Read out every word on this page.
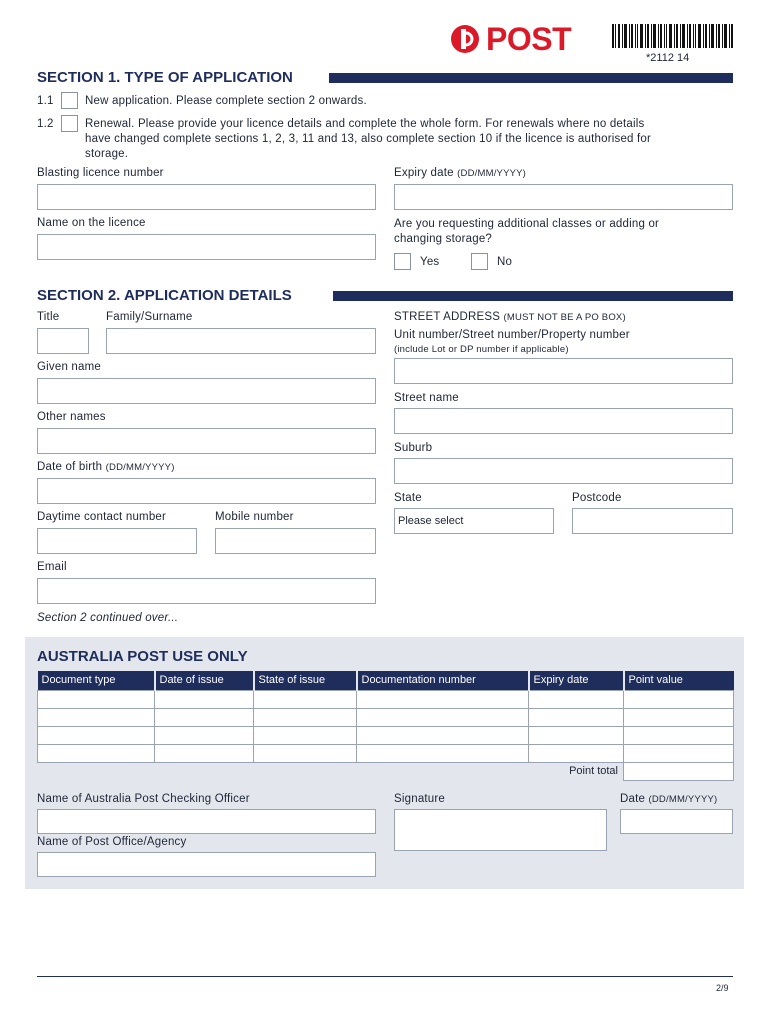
POST
*2112 14
SECTION 1. TYPE OF APPLICATION
1.1	New application. Please complete section 2 onwards.
1.2	Renewal. Please provide your licence details and complete the whole form. For renewals where no details
have changed complete sections 1, 2, 3, 11 and 13, also complete section 10 if the licence is authorised for
storage.
Blasting licence number	Expiry date (DD/MM/YYYY)
Name on the licence	Are you requesting additional classes or adding or
changing storage?
Yes	No
SECTION 2. APPLICATION DETAILS
Title	Family/Surname
Given name
Other names
Date of birth (DD/MM/YYYY)
Daytime contact number	Mobile number
Email
Section 2 continued over...
STREET ADDRESS (MUST NOT BE A PO BOX)
Unit number/Street number/Property number
(include Lot or DP number if applicable)
Street name
Suburb
State
Please select
Postcode
AUSTRALIA POST USE ONLY
Document type	Date of issue	State of issue	Documentation number	Expiry date	Point value

Point total					
Name of Australia Post Checking Officer	Signature	Date (DD/MM/YYYY)
Name of Post Office/Agency
2/9
